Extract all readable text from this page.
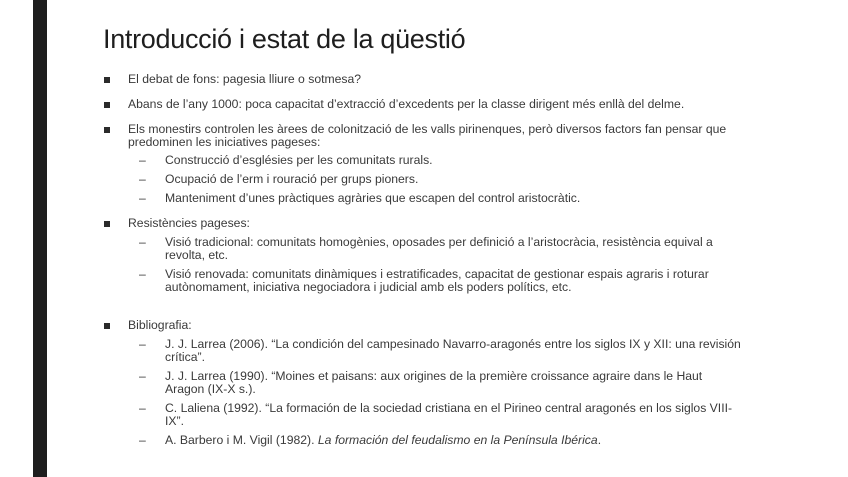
Introducció i estat de la qüestió
El debat de fons: pagesia lliure o sotmesa?
Abans de l’any 1000: poca capacitat d’extracció d’excedents per la classe dirigent més enllà del delme.
Els monestirs controlen les àrees de colonització de les valls pirinenques, però diversos factors fan pensar que predominen les iniciatives pageses:
– Construcció d’esglésies per les comunitats rurals.
– Ocupació de l’erm i rouració per grups pioners.
– Manteniment d’unes pràctiques agràries que escapen del control aristocràtic.
Resistències pageses:
– Visió tradicional: comunitats homogènies, oposades per definició a l’aristocràcia, resistència equival a revolta, etc.
– Visió renovada: comunitats dinàmiques i estratificades, capacitat de gestionar espais agraris i roturar autònomament, iniciativa negociadora i judicial amb els poders polítics, etc.
Bibliografia:
– J. J. Larrea (2006). “La condición del campesinado Navarro-aragonés entre los siglos IX y XII: una revisión crítica”.
– J. J. Larrea (1990). “Moines et paisans: aux origines de la première croissance agraire dans le Haut Aragon (IX-X s.).
– C. Laliena (1992). “La formación de la sociedad cristiana en el Pirineo central aragonés en los siglos VIII-IX”.
– A. Barbero i M. Vigil (1982). La formación del feudalismo en la Península Ibérica.
